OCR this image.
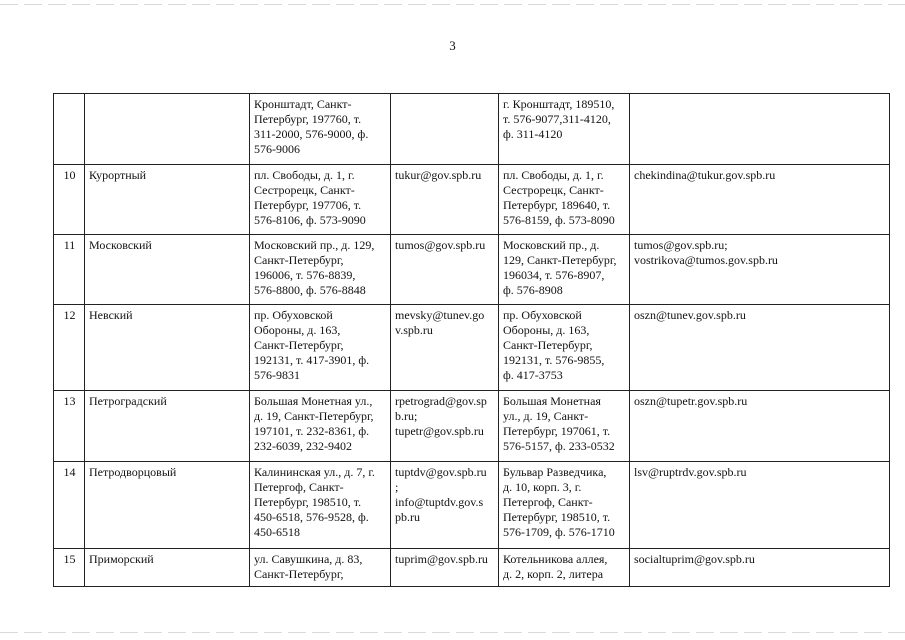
3
		Кронштадт, Санкт-
Петербург, 197760, т.
311-2000, 576-9000, ф.
576-9006		г. Кронштадт, 189510,
т. 576-9077,311-4120,
ф. 311-4120	
10	Курортный	пл. Свободы, д. 1, г.
Сестрорецк, Санкт-
Петербург, 197706, т.
576-8106, ф. 573-9090	tukur@gov.spb.ru	пл. Свободы, д. 1, г.
Сестрорецк, Санкт-
Петербург, 189640, т.
576-8159, ф. 573-8090	chekindina@tukur.gov.spb.ru
11	Московский	Московский пр., д. 129,
Санкт-Петербург,
196006, т. 576-8839,
576-8800, ф. 576-8848	tumos@gov.spb.ru	Московский пр., д.
129, Санкт-Петербург,
196034, т. 576-8907,
ф. 576-8908	tumos@gov.spb.ru;
vostrikova@tumos.gov.spb.ru
12	Невский	пр. Обуховской
Обороны, д. 163,
Санкт-Петербург,
192131, т. 417-3901, ф.
576-9831	mevsky@tunev.go
v.spb.ru	пр. Обуховской
Обороны, д. 163,
Санкт-Петербург,
192131, т. 576-9855,
ф. 417-3753	oszn@tunev.gov.spb.ru
13	Петроградский	Большая Монетная ул.,
д. 19, Санкт-Петербург,
197101, т. 232-8361, ф.
232-6039, 232-9402	rpetrograd@gov.sp
b.ru;
tupetr@gov.spb.ru	Большая Монетная
ул., д. 19, Санкт-
Петербург, 197061, т.
576-5157, ф. 233-0532	oszn@tupetr.gov.spb.ru
14	Петродворцовый	Калининская ул., д. 7, г.
Петергоф, Санкт-
Петербург, 198510, т.
450-6518, 576-9528, ф.
450-6518	tuptdv@gov.spb.ru
;
info@tuptdv.gov.s
pb.ru	Бульвар Разведчика,
д. 10, корп. 3, г.
Петергоф, Санкт-
Петербург, 198510, т.
576-1709, ф. 576-1710	lsv@ruptrdv.gov.spb.ru
15	Приморский	ул. Савушкина, д. 83,
Санкт-Петербург,	tuprim@gov.spb.ru	Котельникова аллея,
д. 2, корп. 2, литера	socialtuprim@gov.spb.ru
